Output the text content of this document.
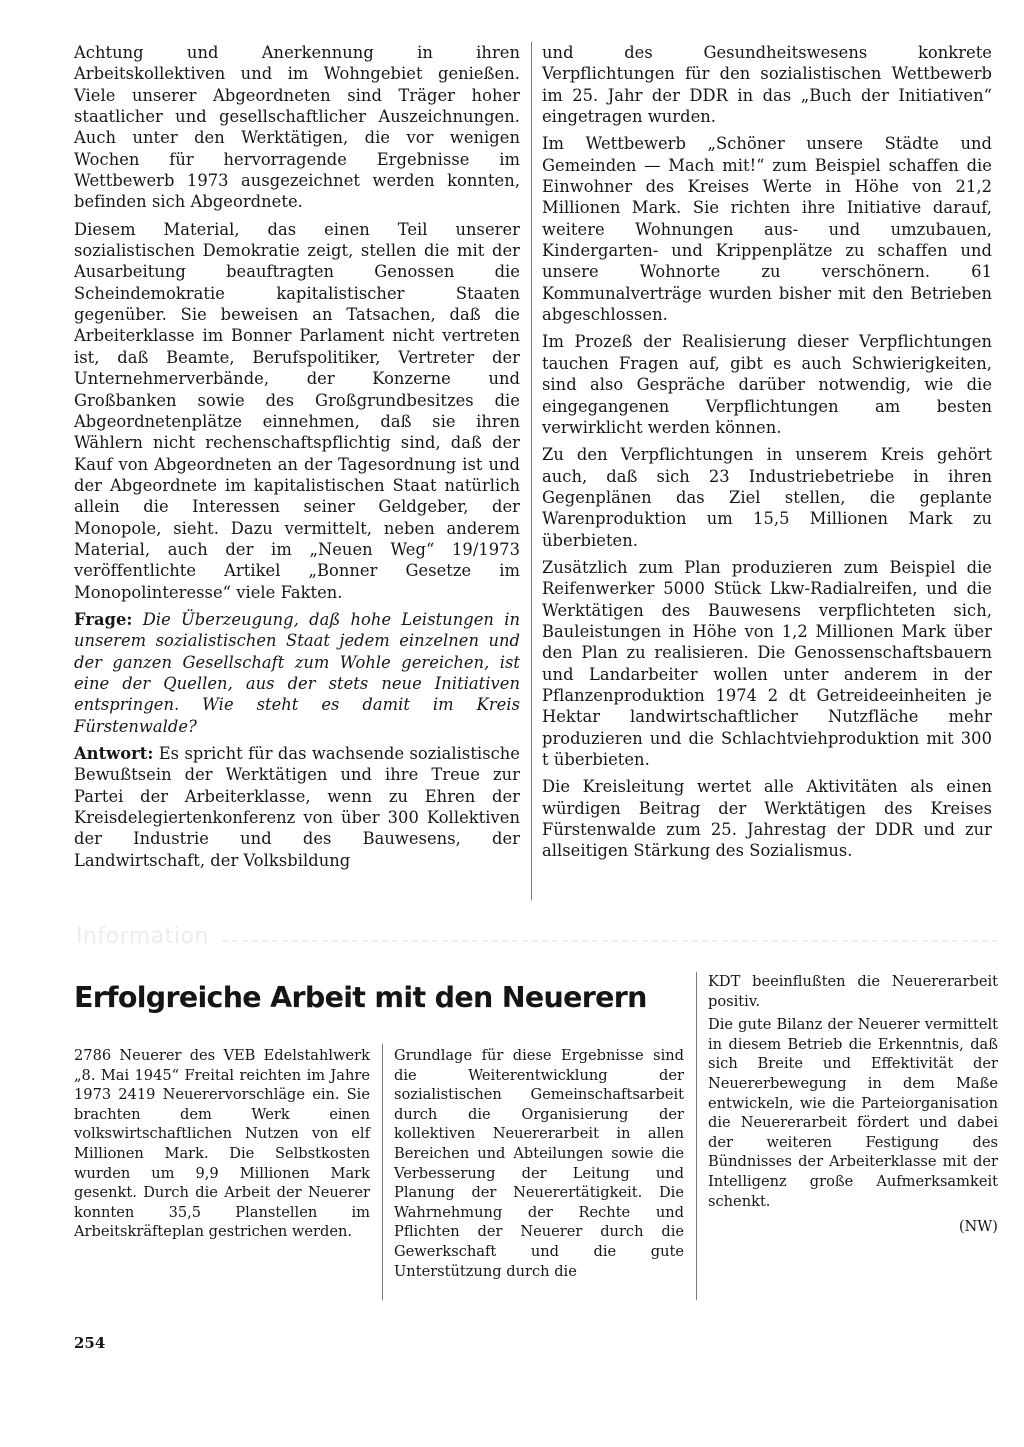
Achtung und Anerkennung in ihren Arbeitskollektiven und im Wohngebiet genießen. Viele unserer Abgeordneten sind Träger hoher staatlicher und gesellschaftlicher Auszeichnungen. Auch unter den Werktätigen, die vor wenigen Wochen für hervorragende Ergebnisse im Wettbewerb 1973 ausgezeichnet werden konnten, befinden sich Abgeordnete.

Diesem Material, das einen Teil unserer sozialistischen Demokratie zeigt, stellen die mit der Ausarbeitung beauftragten Genossen die Scheindemokratie kapitalistischer Staaten gegenüber. Sie beweisen an Tatsachen, daß die Arbeiterklasse im Bonner Parlament nicht vertreten ist, daß Beamte, Berufspolitiker, Vertreter der Unternehmerverbände, der Konzerne und Großbanken sowie des Großgrundbesitzes die Abgeordnetenplätze einnehmen, daß sie ihren Wählern nicht rechenschaftspflichtig sind, daß der Kauf von Abgeordneten an der Tagesordnung ist und der Abgeordnete im kapitalistischen Staat natürlich allein die Interessen seiner Geldgeber, der Monopole, sieht. Dazu vermittelt, neben anderem Material, auch der im „Neuen Weg“ 19/1973 veröffentlichte Artikel „Bonner Gesetze im Monopolinteresse“ viele Fakten.

Frage: Die Überzeugung, daß hohe Leistungen in unserem sozialistischen Staat jedem einzelnen und der ganzen Gesellschaft zum Wohle gereichen, ist eine der Quellen, aus der stets neue Initiativen entspringen. Wie steht es damit im Kreis Fürstenwalde?

Antwort: Es spricht für das wachsende sozialistische Bewußtsein der Werktätigen und ihre Treue zur Partei der Arbeiterklasse, wenn zu Ehren der Kreisdelegiertenkonferenz von über 300 Kollektiven der Industrie und des Bauwesens, der Landwirtschaft, der Volksbildung

und des Gesundheitswesens konkrete Verpflichtungen für den sozialistischen Wettbewerb im 25. Jahr der DDR in das „Buch der Initiativen“ eingetragen wurden.

Im Wettbewerb „Schöner unsere Städte und Gemeinden — Mach mit!“ zum Beispiel schaffen die Einwohner des Kreises Werte in Höhe von 21,2 Millionen Mark. Sie richten ihre Initiative darauf, weitere Wohnungen aus- und umzubauen, Kindergarten- und Krippenplätze zu schaffen und unsere Wohnorte zu verschönern. 61 Kommunalverträge wurden bisher mit den Betrieben abgeschlossen.

Im Prozeß der Realisierung dieser Verpflichtungen tauchen Fragen auf, gibt es auch Schwierigkeiten, sind also Gespräche darüber notwendig, wie die eingegangenen Verpflichtungen am besten verwirklicht werden können.

Zu den Verpflichtungen in unserem Kreis gehört auch, daß sich 23 Industriebetriebe in ihren Gegenplänen das Ziel stellen, die geplante Warenproduktion um 15,5 Millionen Mark zu überbieten.

Zusätzlich zum Plan produzieren zum Beispiel die Reifenwerker 5000 Stück Lkw-Radialreifen, und die Werktätigen des Bauwesens verpflichteten sich, Bauleistungen in Höhe von 1,2 Millionen Mark über den Plan zu realisieren. Die Genossenschaftsbauern und Landarbeiter wollen unter anderem in der Pflanzenproduktion 1974 2 dt Getreideeinheiten je Hektar landwirtschaftlicher Nutzfläche mehr produzieren und die Schlachtviehproduktion mit 300 t überbieten.

Die Kreisleitung wertet alle Aktivitäten als einen würdigen Beitrag der Werktätigen des Kreises Fürstenwalde zum 25. Jahrestag der DDR und zur allseitigen Stärkung des Sozialismus.

Information
Erfolgreiche Arbeit mit den Neuerern

2786 Neuerer des VEB Edelstahlwerk „8. Mai 1945“ Freital reichten im Jahre 1973 2419 Neuerervorschläge ein. Sie brachten dem Werk einen volkswirtschaftlichen Nutzen von elf Millionen Mark. Die Selbstkosten wurden um 9,9 Millionen Mark gesenkt. Durch die Arbeit der Neuerer konnten 35,5 Planstellen im Arbeitskräfteplan gestrichen werden.

Grundlage für diese Ergebnisse sind die Weiterentwicklung der sozialistischen Gemeinschaftsarbeit durch die Organisierung der kollektiven Neuererarbeit in allen Bereichen und Abteilungen sowie die Verbesserung der Leitung und Planung der Neuerertätigkeit. Die Wahrnehmung der Rechte und Pflichten der Neuerer durch die Gewerkschaft und die gute Unterstützung durch die

KDT beeinflußten die Neuererarbeit positiv.

Die gute Bilanz der Neuerer vermittelt in diesem Betrieb die Erkenntnis, daß sich Breite und Effektivität der Neuererbewegung in dem Maße entwickeln, wie die Parteiorganisation die Neuererarbeit fördert und dabei der weiteren Festigung des Bündnisses der Arbeiterklasse mit der Intelligenz große Aufmerksamkeit schenkt.

(NW)
254
